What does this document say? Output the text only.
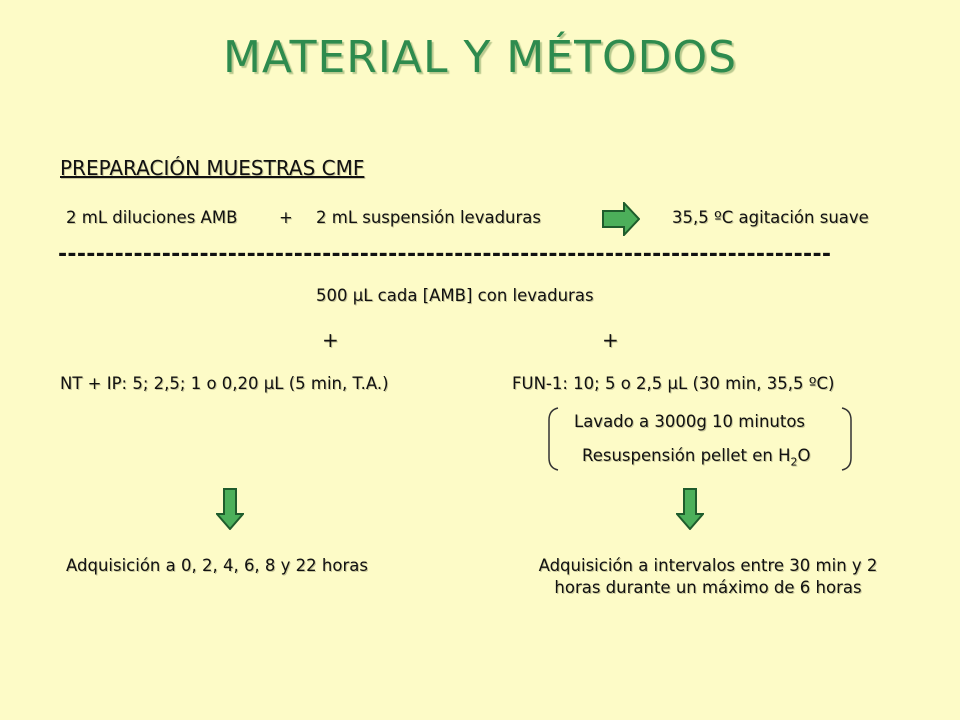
MATERIAL Y MÉTODOS
PREPARACIÓN MUESTRAS CMF
2 mL diluciones AMB	+ 2 mL suspensión levaduras	35,5 ºC agitación suave
----------------------------------------------------------------------------------
500 µL cada [AMB] con levaduras
+	+
NT + IP: 5; 2,5; 1 o 0,20 µL (5 min, T.A.)	FUN-1: 10; 5 o 2,5 µL (30 min, 35,5 ºC)
Lavado a 3000g 10 minutos
Resuspensión pellet en $H_2O$
Adquisición a 0, 2, 4, 6, 8 y 22 horas	Adquisición a intervalos entre 30 min y 2
horas durante un máximo de 6 horas
